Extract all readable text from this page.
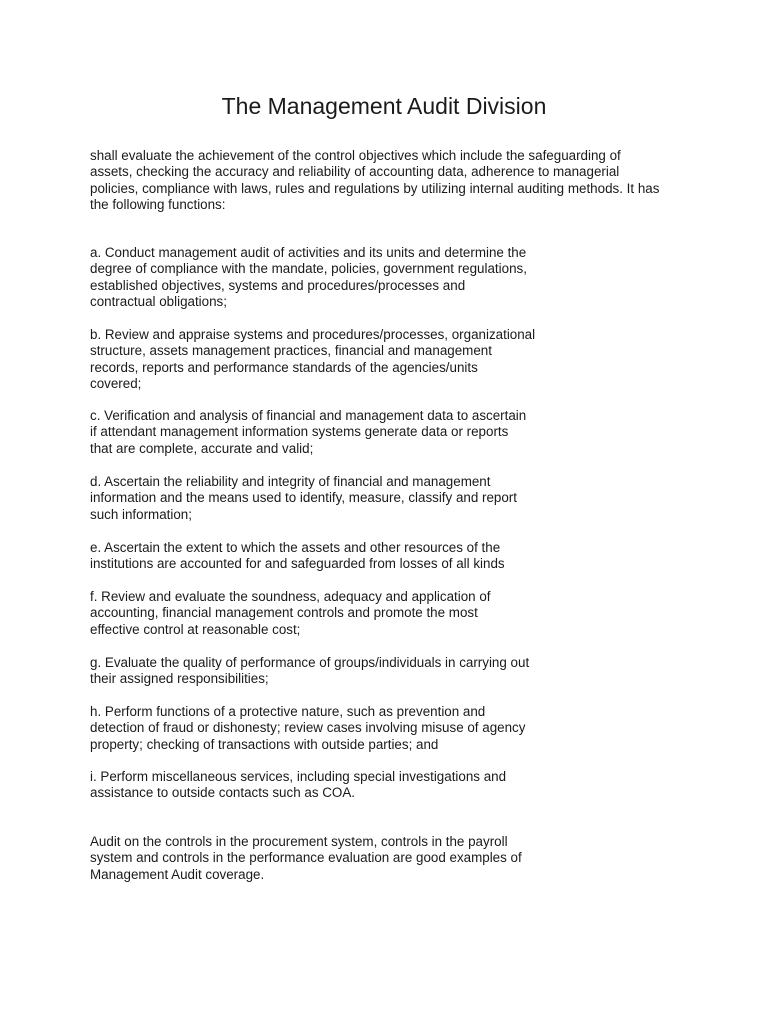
The Management Audit Division

shall evaluate the achievement of the control objectives which include the safeguarding of
assets, checking the accuracy and reliability of accounting data, adherence to managerial
policies, compliance with laws, rules and regulations by utilizing internal auditing methods. It has
the following functions:

a. Conduct management audit of activities and its units and determine the
degree of compliance with the mandate, policies, government regulations,
established objectives, systems and procedures/processes and
contractual obligations;

b. Review and appraise systems and procedures/processes, organizational
structure, assets management practices, financial and management
records, reports and performance standards of the agencies/units
covered;

c. Verification and analysis of financial and management data to ascertain
if attendant management information systems generate data or reports
that are complete, accurate and valid;

d. Ascertain the reliability and integrity of financial and management
information and the means used to identify, measure, classify and report
such information;

e. Ascertain the extent to which the assets and other resources of the
institutions are accounted for and safeguarded from losses of all kinds

f. Review and evaluate the soundness, adequacy and application of
accounting, financial management controls and promote the most
effective control at reasonable cost;

g. Evaluate the quality of performance of groups/individuals in carrying out
their assigned responsibilities;

h. Perform functions of a protective nature, such as prevention and
detection of fraud or dishonesty; review cases involving misuse of agency
property; checking of transactions with outside parties; and

i. Perform miscellaneous services, including special investigations and
assistance to outside contacts such as COA.

Audit on the controls in the procurement system, controls in the payroll
system and controls in the performance evaluation are good examples of
Management Audit coverage.
